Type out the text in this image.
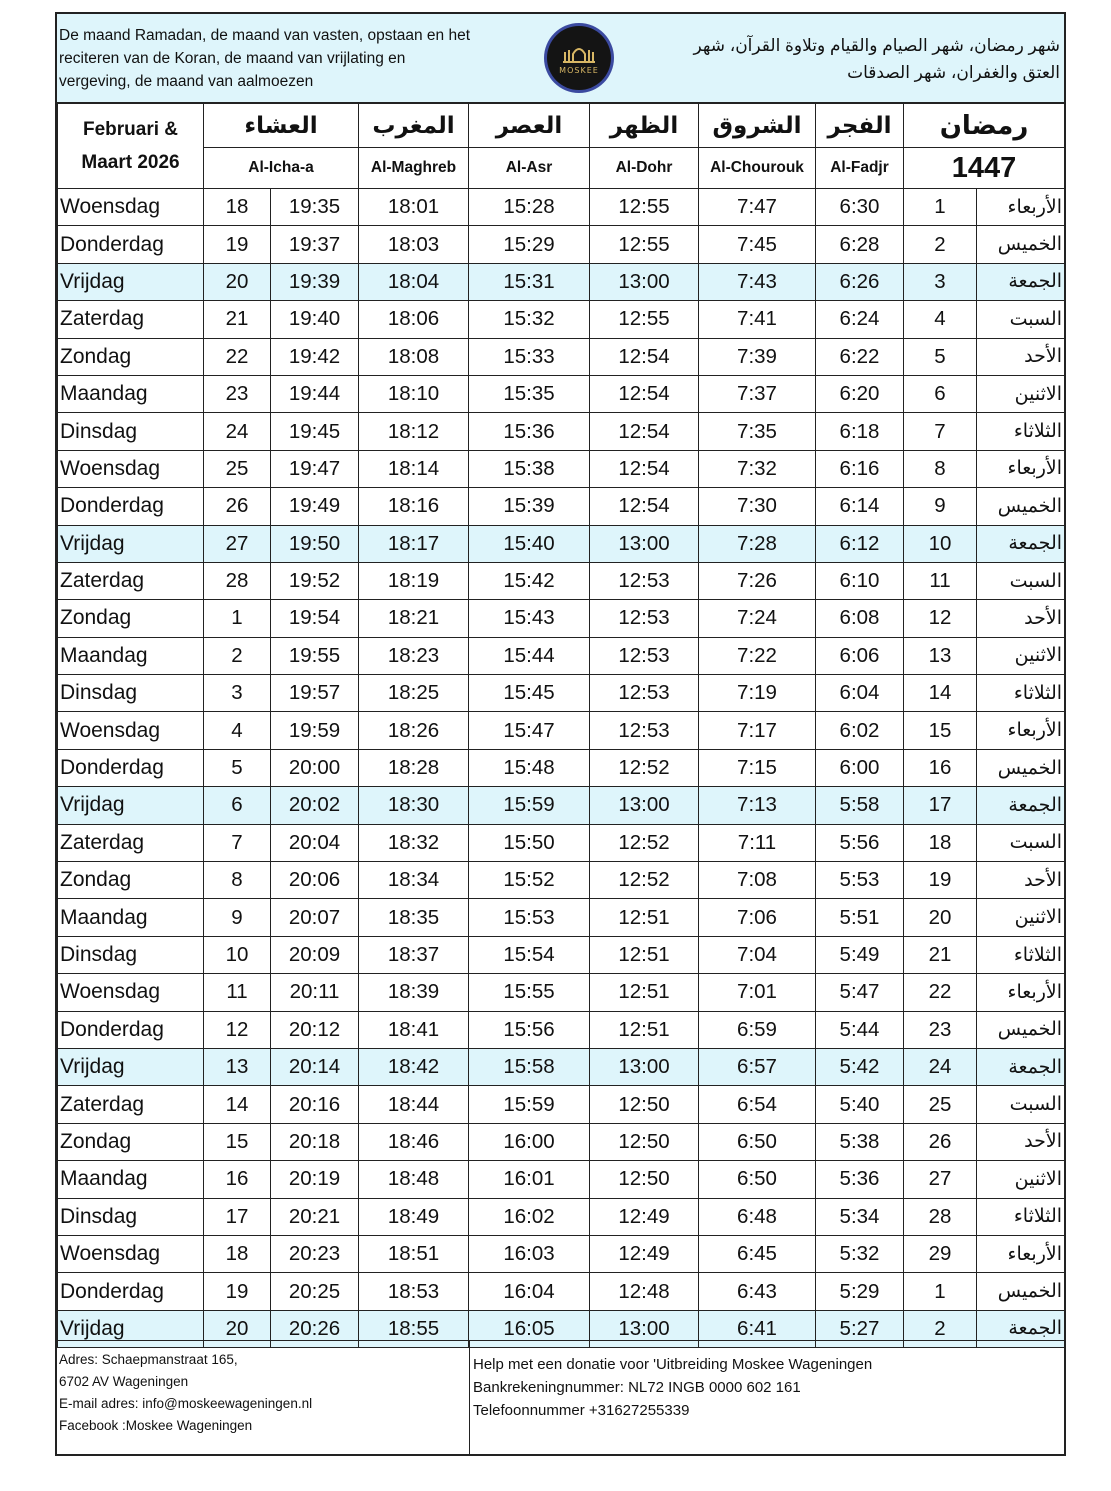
De maand Ramadan, de maand van vasten, opstaan en het reciteren van de Koran, de maand van vrijlating en vergeving, de maand van aalmoezen
MOSKEE
شهر رمضان، شهر الصيام والقيام وتلاوة القرآن، شهر العتق والغفران، شهر الصدقات
Februari &
Maart 2026	العشاء		المغرب	العصر	الظهر	الشروق	الفجر	رمضان	
	Al-Icha-a		Al-Maghreb	Al-Asr	Al-Dohr	Al-Chourouk	Al-Fadjr	1447	
Woensdag	18	19:35	18:01	15:28	12:55	7:47	6:30	1	الأربعاء
Donderdag	19	19:37	18:03	15:29	12:55	7:45	6:28	2	الخميس
Vrijdag	20	19:39	18:04	15:31	13:00	7:43	6:26	3	الجمعة
Zaterdag	21	19:40	18:06	15:32	12:55	7:41	6:24	4	السبت
Zondag	22	19:42	18:08	15:33	12:54	7:39	6:22	5	الأحد
Maandag	23	19:44	18:10	15:35	12:54	7:37	6:20	6	الاثنين
Dinsdag	24	19:45	18:12	15:36	12:54	7:35	6:18	7	الثلاثاء
Woensdag	25	19:47	18:14	15:38	12:54	7:32	6:16	8	الأربعاء
Donderdag	26	19:49	18:16	15:39	12:54	7:30	6:14	9	الخميس
Vrijdag	27	19:50	18:17	15:40	13:00	7:28	6:12	10	الجمعة
Zaterdag	28	19:52	18:19	15:42	12:53	7:26	6:10	11	السبت
Zondag	1	19:54	18:21	15:43	12:53	7:24	6:08	12	الأحد
Maandag	2	19:55	18:23	15:44	12:53	7:22	6:06	13	الاثنين
Dinsdag	3	19:57	18:25	15:45	12:53	7:19	6:04	14	الثلاثاء
Woensdag	4	19:59	18:26	15:47	12:53	7:17	6:02	15	الأربعاء
Donderdag	5	20:00	18:28	15:48	12:52	7:15	6:00	16	الخميس
Vrijdag	6	20:02	18:30	15:59	13:00	7:13	5:58	17	الجمعة
Zaterdag	7	20:04	18:32	15:50	12:52	7:11	5:56	18	السبت
Zondag	8	20:06	18:34	15:52	12:52	7:08	5:53	19	الأحد
Maandag	9	20:07	18:35	15:53	12:51	7:06	5:51	20	الاثنين
Dinsdag	10	20:09	18:37	15:54	12:51	7:04	5:49	21	الثلاثاء
Woensdag	11	20:11	18:39	15:55	12:51	7:01	5:47	22	الأربعاء
Donderdag	12	20:12	18:41	15:56	12:51	6:59	5:44	23	الخميس
Vrijdag	13	20:14	18:42	15:58	13:00	6:57	5:42	24	الجمعة
Zaterdag	14	20:16	18:44	15:59	12:50	6:54	5:40	25	السبت
Zondag	15	20:18	18:46	16:00	12:50	6:50	5:38	26	الأحد
Maandag	16	20:19	18:48	16:01	12:50	6:50	5:36	27	الاثنين
Dinsdag	17	20:21	18:49	16:02	12:49	6:48	5:34	28	الثلاثاء
Woensdag	18	20:23	18:51	16:03	12:49	6:45	5:32	29	الأربعاء
Donderdag	19	20:25	18:53	16:04	12:48	6:43	5:29	1	الخميس
Vrijdag	20	20:26	18:55	16:05	13:00	6:41	5:27	2	الجمعة
Adres: Schaepmanstraat 165,
6702 AV Wageningen
E-mail adres: info@moskeewageningen.nl
Facebook :Moskee Wageningen
Help met een donatie voor 'Uitbreiding Moskee Wageningen
Bankrekeningnummer: NL72 INGB 0000 602 161
Telefoonnummer +31627255339
